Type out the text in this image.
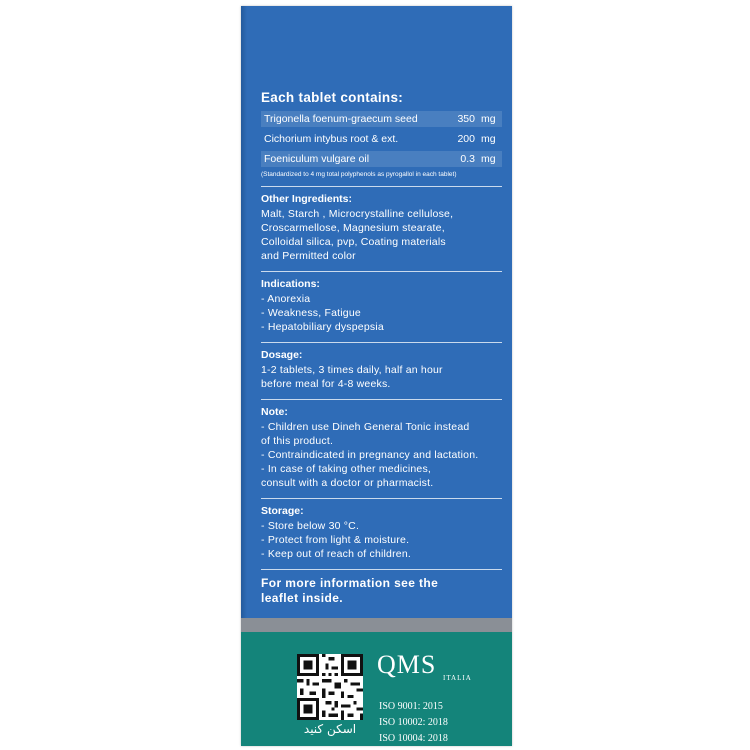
Each tablet contains:
Trigonella foenum-graecum seed	350 mg
Cichorium intybus root & ext.	200 mg
Foeniculum vulgare oil	0.3 mg
(Standardized to 4 mg total polyphenols as pyrogallol in each tablet)
Other Ingredients:
Malt, Starch , Microcrystalline cellulose,
Croscarmellose, Magnesium stearate,
Colloidal silica, pvp, Coating materials
and Permitted color
Indications:
- Anorexia
- Weakness, Fatigue
- Hepatobiliary dyspepsia
Dosage:
1-2 tablets, 3 times daily, half an hour
before meal for 4-8 weeks.
Note:
- Children use Dineh General Tonic instead
of this product.
- Contraindicated in pregnancy and lactation.
- In case of taking other medicines,
consult with a doctor or pharmacist.
Storage:
- Store below 30 °C.
- Protect from light & moisture.
- Keep out of reach of children.
For more information see the
leaflet inside.
اسکن کنید
QMS ITALIA
ISO 9001: 2015
ISO 10002: 2018
ISO 10004: 2018
